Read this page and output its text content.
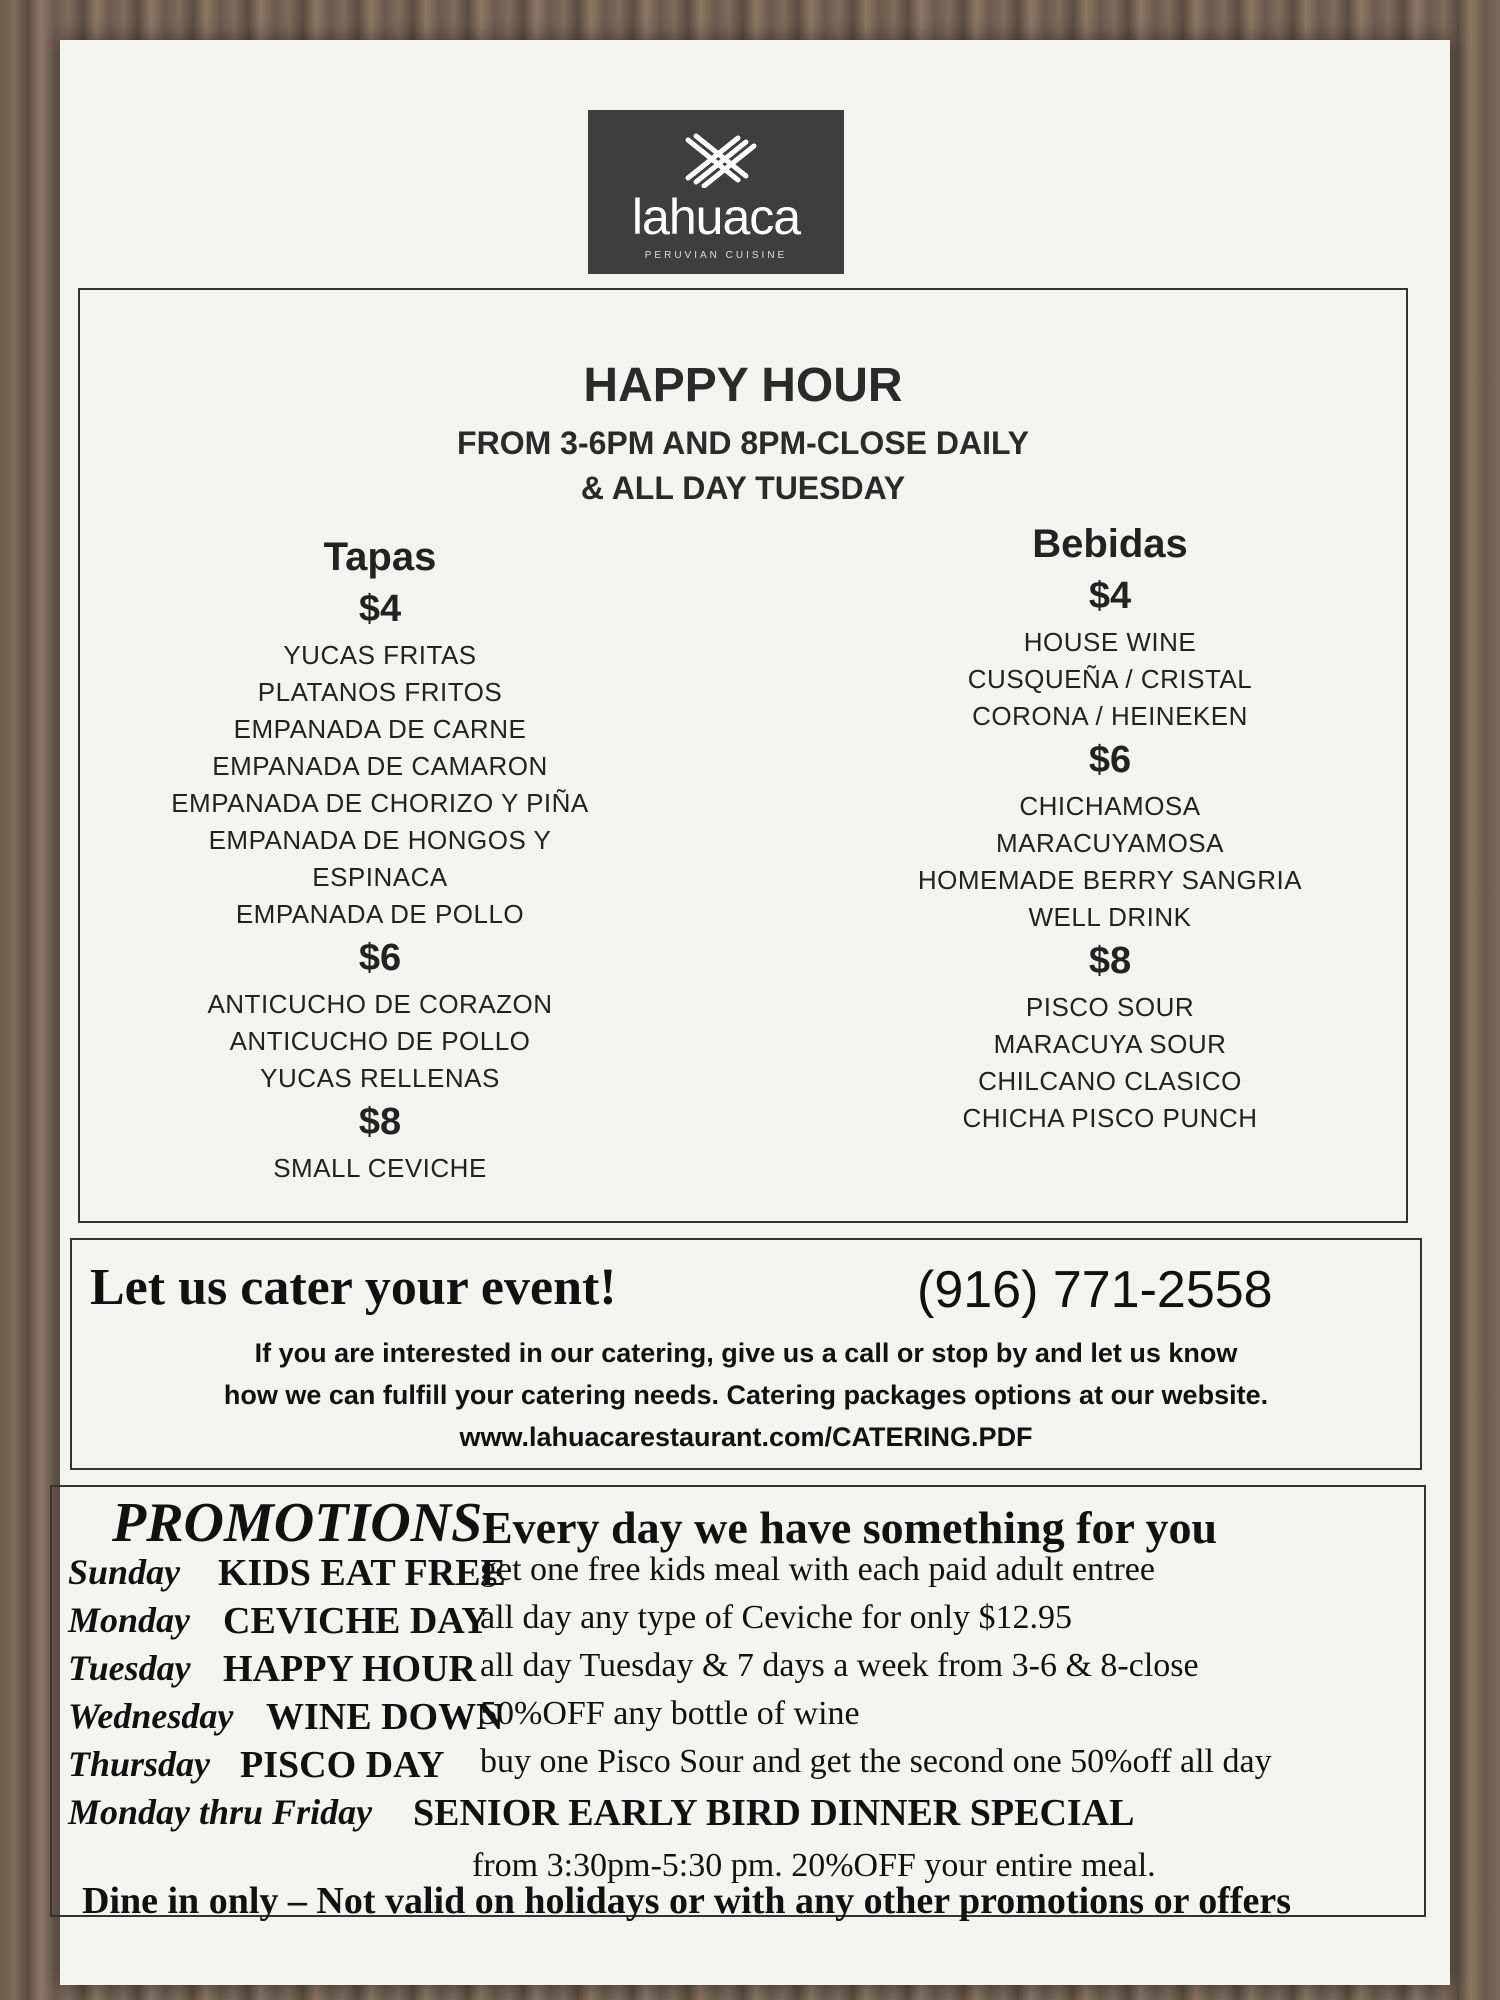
lahuaca
PERUVIAN CUISINE
HAPPY HOUR
FROM 3-6PM AND 8PM-CLOSE DAILY
& ALL DAY TUESDAY
Tapas
$4
YUCAS FRITAS
PLATANOS FRITOS
EMPANADA DE CARNE
EMPANADA DE CAMARON
EMPANADA DE CHORIZO Y PIÑA
EMPANADA DE HONGOS Y ESPINACA
EMPANADA DE POLLO
$6
ANTICUCHO DE CORAZON
ANTICUCHO DE POLLO
YUCAS RELLENAS
$8
SMALL CEVICHE
Bebidas
$4
HOUSE WINE
CUSQUEÑA / CRISTAL
CORONA / HEINEKEN
$6
CHICHAMOSA
MARACUYAMOSA
HOMEMADE BERRY SANGRIA
WELL DRINK
$8
PISCO SOUR
MARACUYA SOUR
CHILCANO CLASICO
CHICHA PISCO PUNCH
Let us cater your event!	(916) 771-2558
If you are interested in our catering, give us a call or stop by and let us know
how we can fulfill your catering needs. Catering packages options at our website.
www.lahuacarestaurant.com/CATERING.PDF
PROMOTIONS Every day we have something for you
Sunday KIDS EAT FREE
get one free kids meal with each paid adult entree
Monday CEVICHE DAY
all day any type of Ceviche for only $12.95
Tuesday HAPPY HOUR all day Tuesday & 7 days a week from 3-6 & 8-close
Wednesday WINE DOWN
50%OFF any bottle of wine
Thursday PISCO DAY buy one Pisco Sour and get the second one 50%off all day
Monday thru Friday SENIOR EARLY BIRD DINNER SPECIAL
from 3:30pm-5:30 pm. 20%OFF your entire meal.
Dine in only – Not valid on holidays or with any other promotions or offers
